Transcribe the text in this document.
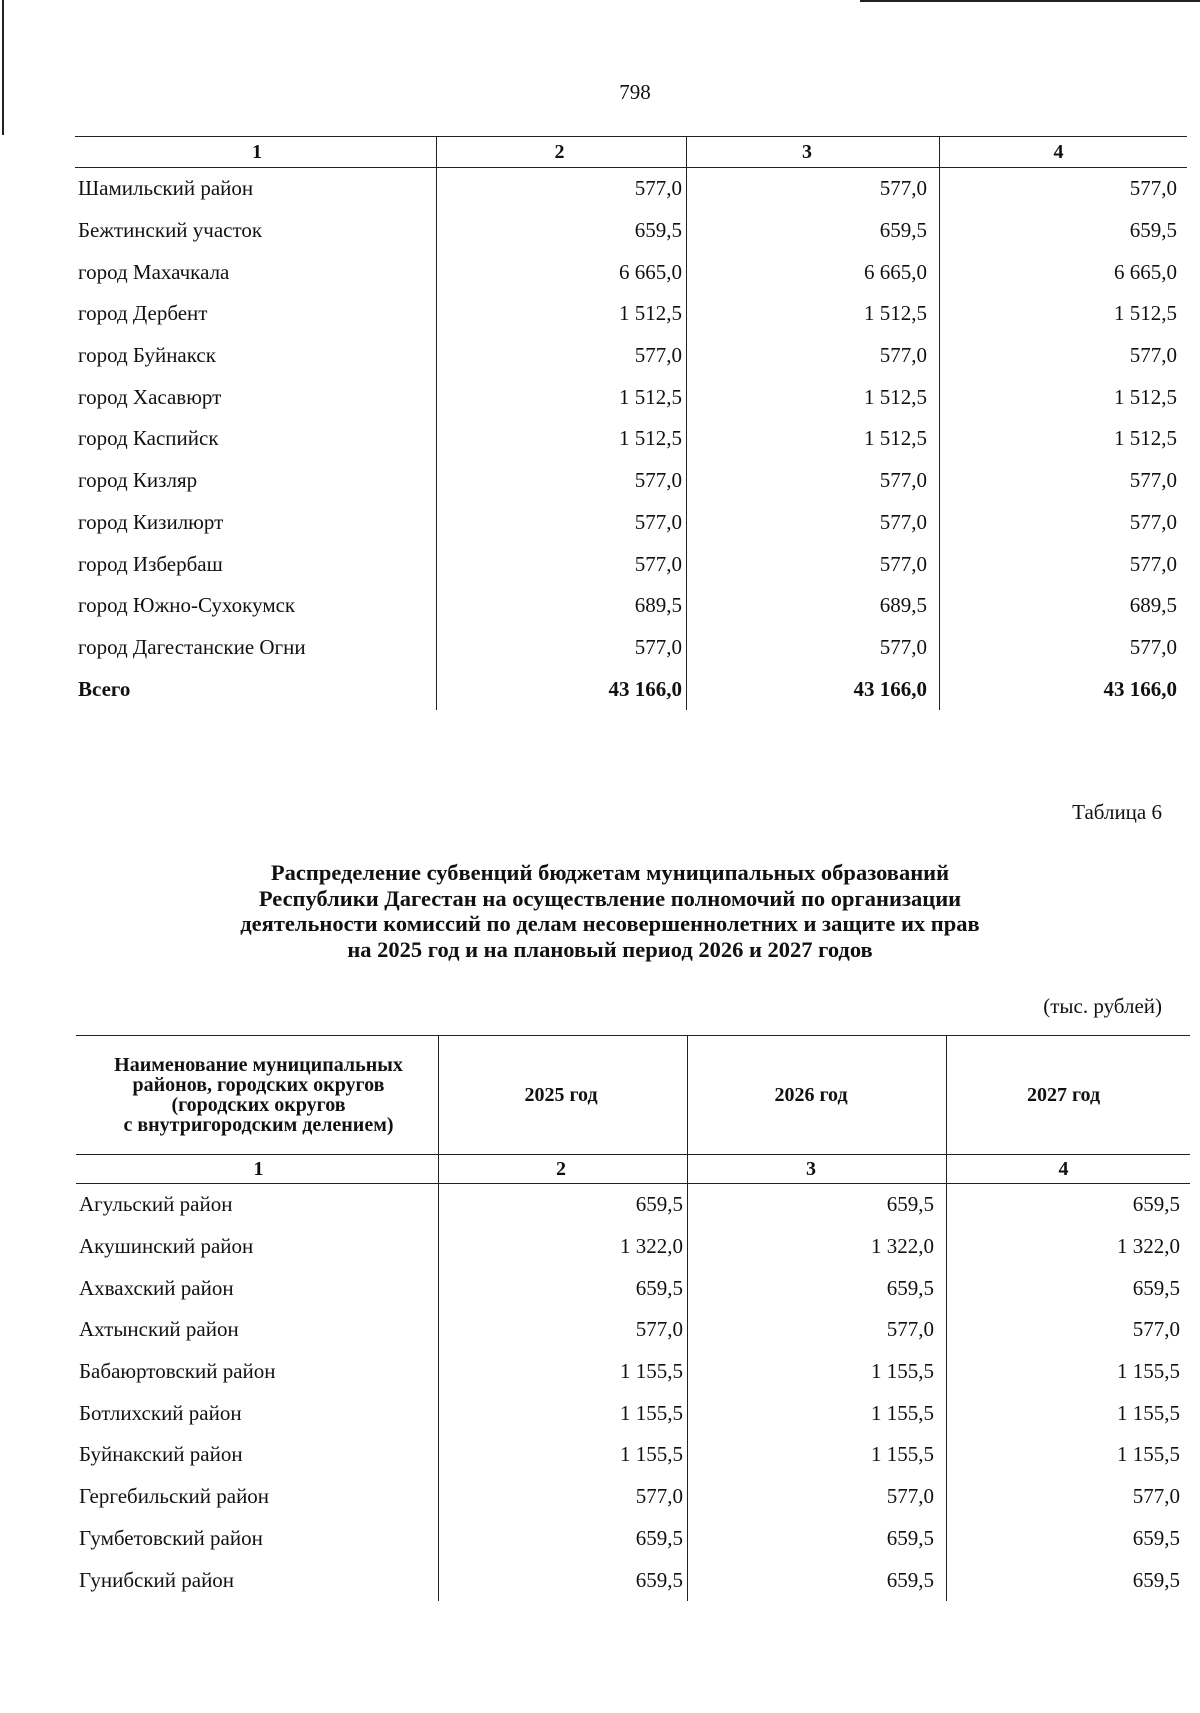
798
1	2	3	4
Шамильский район	577,0	577,0	577,0
Бежтинский участок	659,5	659,5	659,5
город Махачкала	6 665,0	6 665,0	6 665,0
город Дербент	1 512,5	1 512,5	1 512,5
город Буйнакск	577,0	577,0	577,0
город Хасавюрт	1 512,5	1 512,5	1 512,5
город Каспийск	1 512,5	1 512,5	1 512,5
город Кизляр	577,0	577,0	577,0
город Кизилюрт	577,0	577,0	577,0
город Избербаш	577,0	577,0	577,0
город Южно-Сухокумск	689,5	689,5	689,5
город Дагестанские Огни	577,0	577,0	577,0
Всего	43 166,0	43 166,0	43 166,0
Таблица 6
Распределение субвенций бюджетам муниципальных образований
Республики Дагестан на осуществление полномочий по организации
деятельности комиссий по делам несовершеннолетних и защите их прав
на 2025 год и на плановый период 2026 и 2027 годов
(тыс. рублей)
Наименование муниципальных
районов, городских округов
(городских округов
с внутригородским делением)	2025 год	2026 год	2027 год
1	2	3	4
Агульский район	659,5	659,5	659,5
Акушинский район	1 322,0	1 322,0	1 322,0
Ахвахский район	659,5	659,5	659,5
Ахтынский район	577,0	577,0	577,0
Бабаюртовский район	1 155,5	1 155,5	1 155,5
Ботлихский район	1 155,5	1 155,5	1 155,5
Буйнакский район	1 155,5	1 155,5	1 155,5
Гергебильский район	577,0	577,0	577,0
Гумбетовский район	659,5	659,5	659,5
Гунибский район	659,5	659,5	659,5
